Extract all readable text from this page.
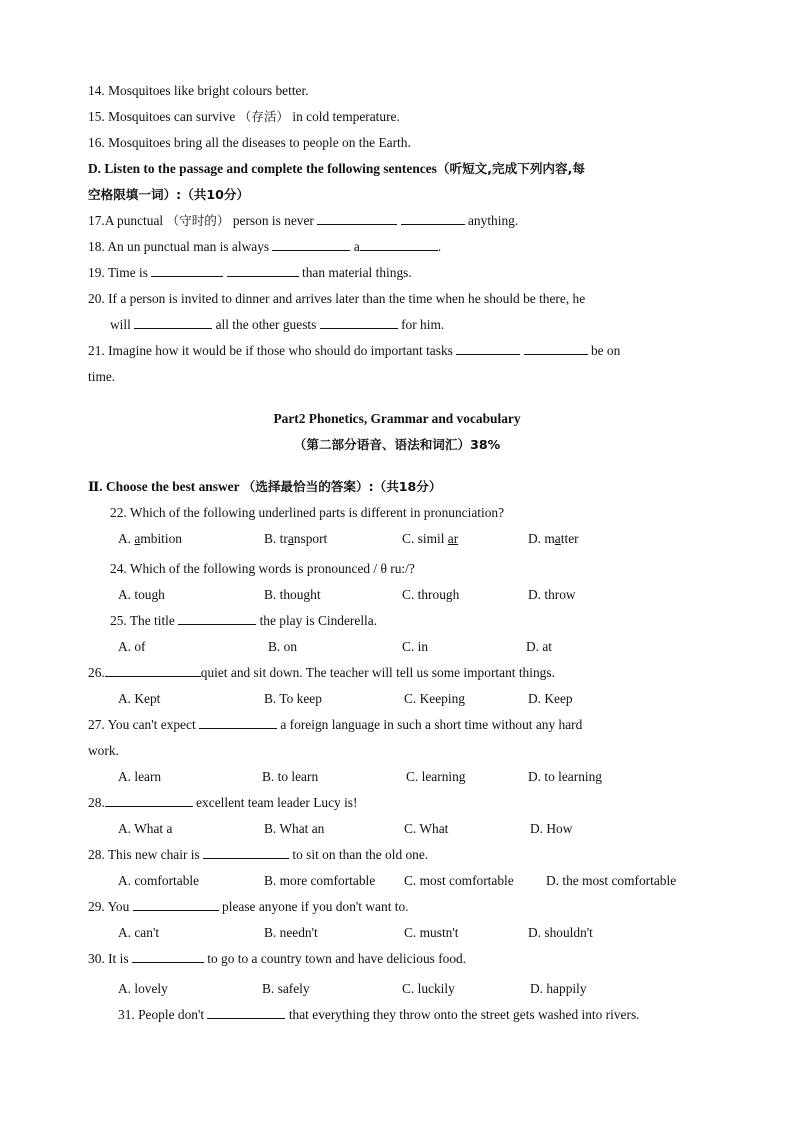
14. Mosquitoes like bright colours better.
15. Mosquitoes can survive （存活） in cold temperature.
16. Mosquitoes bring all the diseases to people on the Earth.
D. Listen to the passage and complete the following sentences（听短文,完成下列内容,每
空格限填一词）:（共10分）
17.A punctual （守时的） person is never	anything.
18. An un punctual man is always	a	.
19. Time is	than material things.
20. If a person is invited to dinner and arrives later than the time when he should be there, he
will	all the other guests	for him.
21. Imagine how it would be if those who should do important tasks	be on
time.
Part2 Phonetics, Grammar and vocabulary
（第二部分语音、语法和词汇）38%
Ⅱ. Choose the best answer （选择最恰当的答案）:（共18分）
22. Which of the following underlined parts is different in pronunciation?
A. ambition	B. transport	C. simil ar	D. matter
24. Which of the following words is pronounced / θ ru:/?
A. tough	B. thought	C. through	D. throw
25. The title	the play is Cinderella.
A. of	B. on	C. in	D. at
26.	quiet and sit down. The teacher will tell us some important things.
A. Kept	B. To keep	C. Keeping	D. Keep
27. You can't expect	a foreign language in such a short time without any hard
work.
A. learn	B. to learn	C. learning	D. to learning
28.	excellent team leader Lucy is!
A. What a	B. What an	C. What	D. How
28. This new chair is	to sit on than the old one.
A. comfortable	B. more comfortable C. most comfortable D. the most comfortable
29. You	please anyone if you don't want to.
A. can't	B. needn't	C. mustn't	D. shouldn't
30. It is	to go to a country town and have delicious food.
A. lovely	B. safely	C. luckily	D. happily
31. People don't	that everything they throw onto the street gets washed into rivers.
